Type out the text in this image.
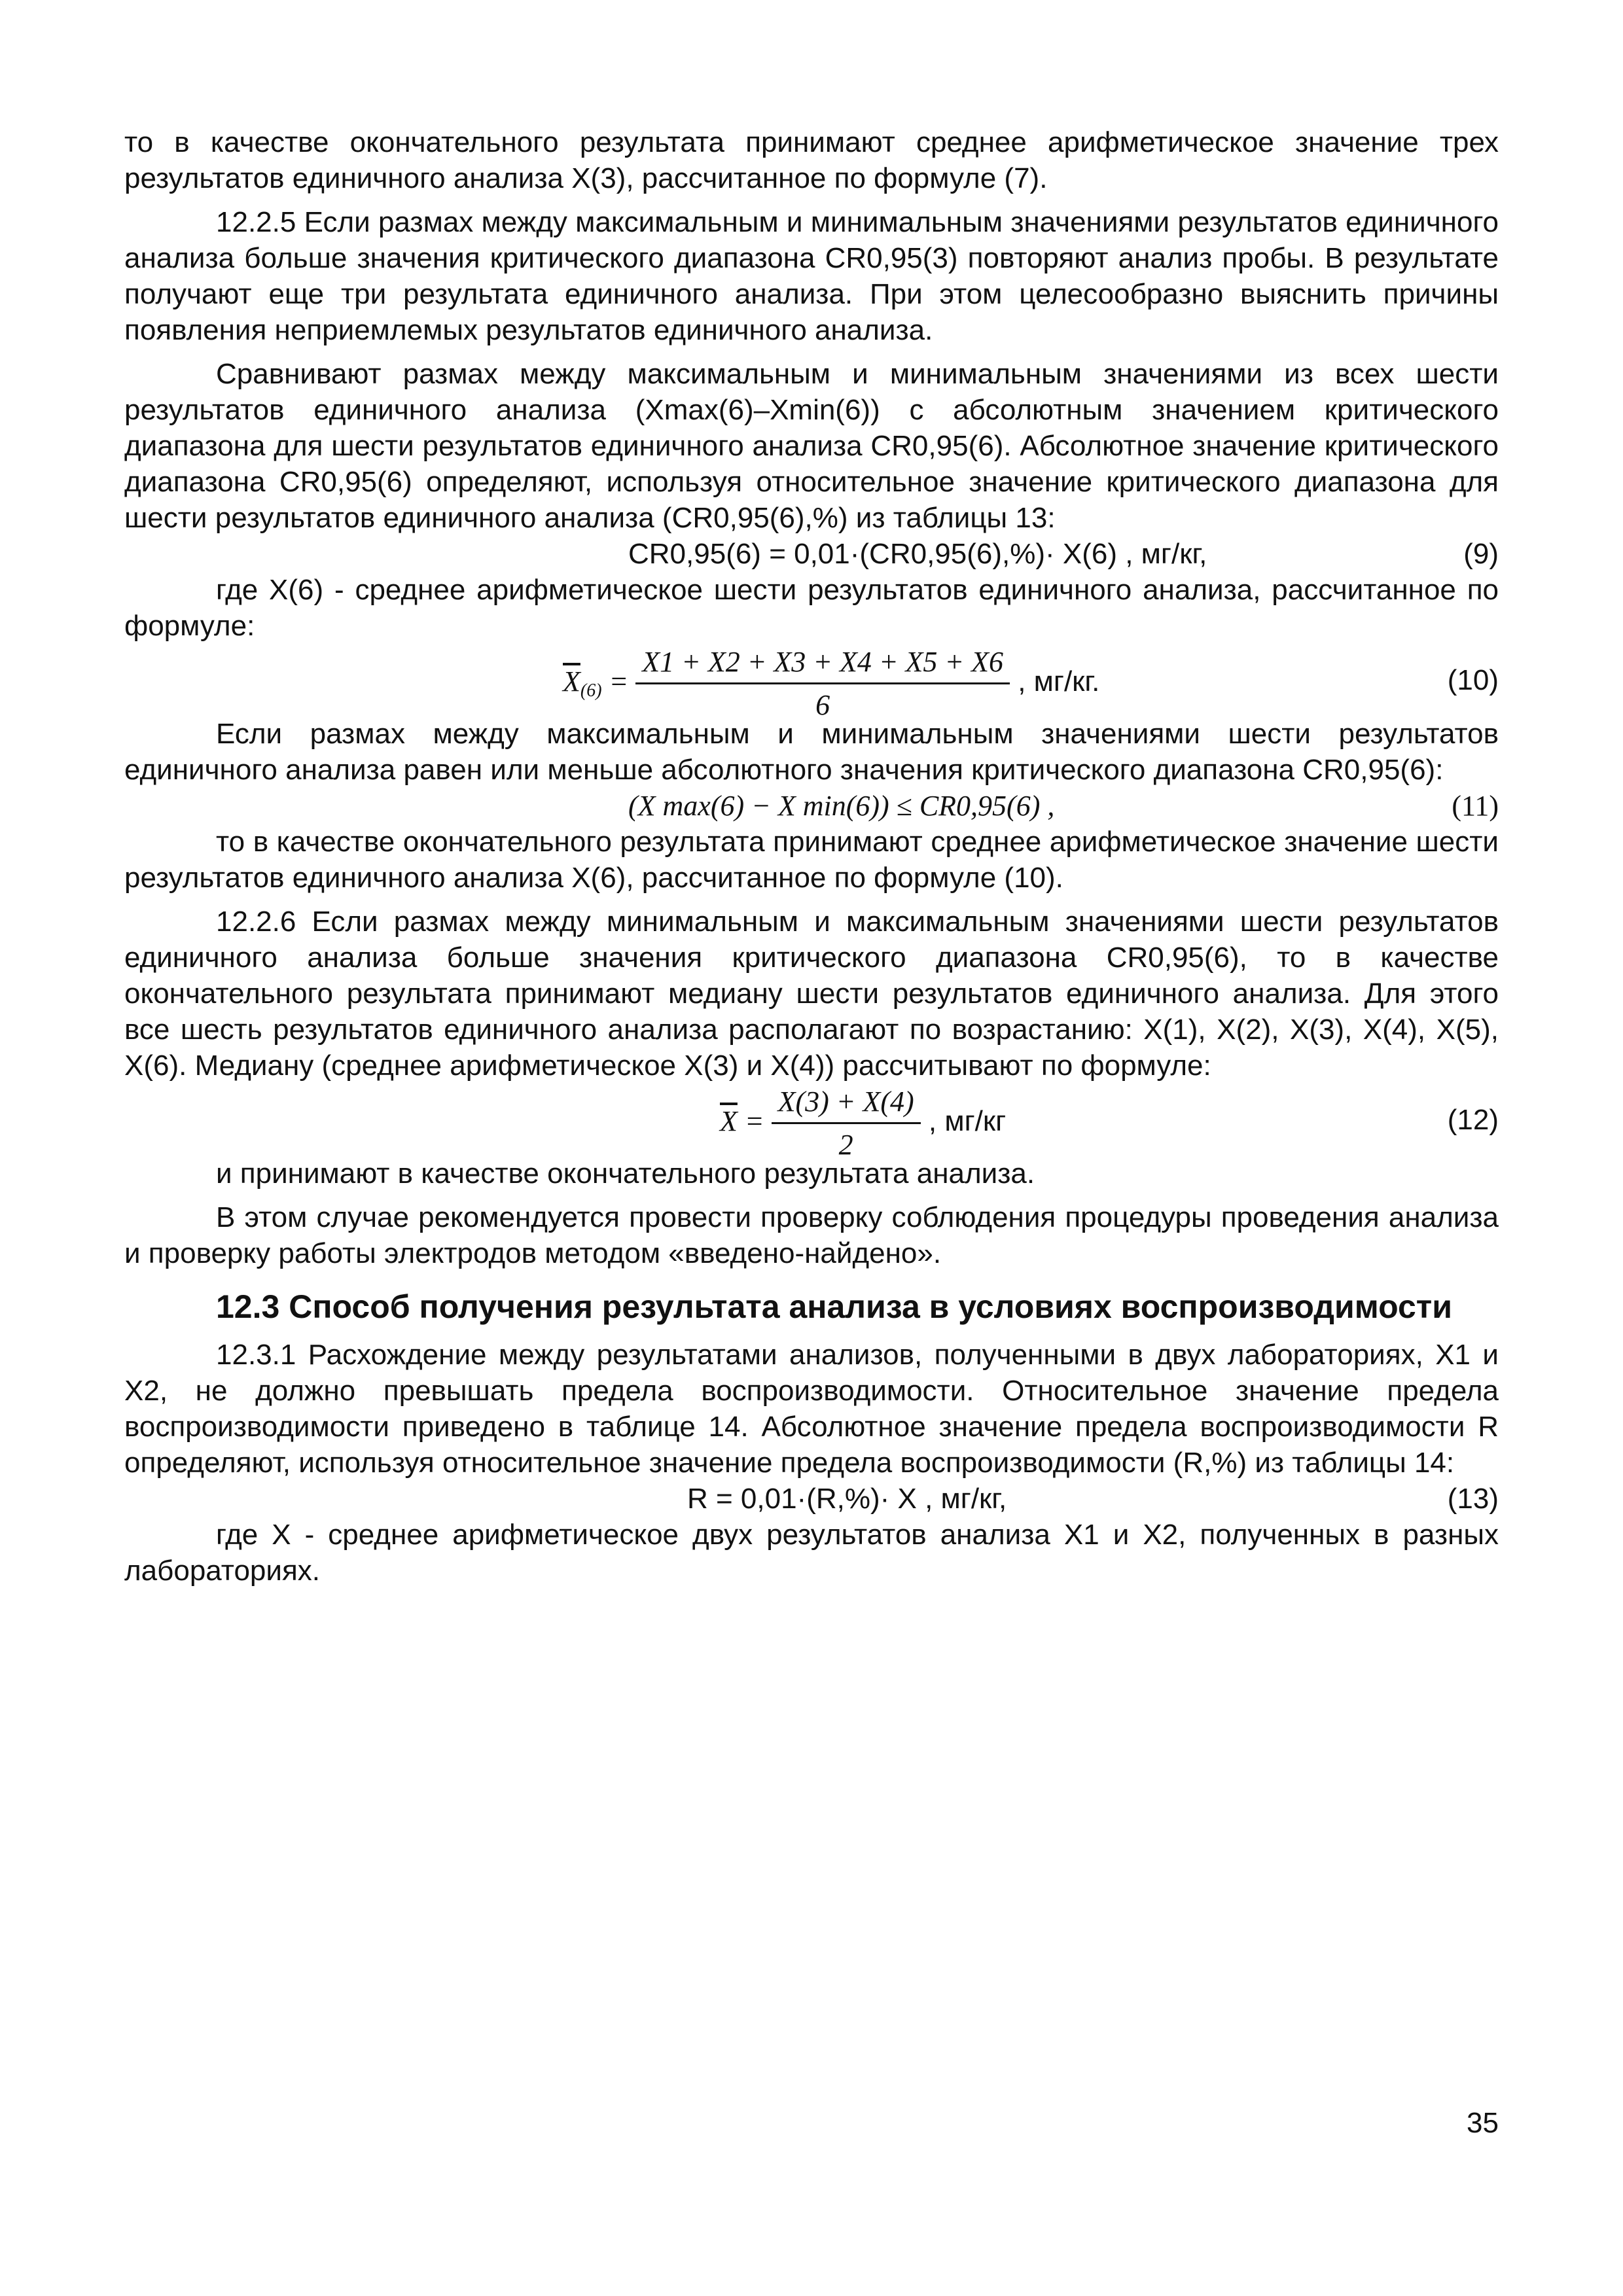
то в качестве окончательного результата принимают среднее арифметическое значение трех результатов единичного анализа X(3), рассчитанное по формуле (7).

12.2.5 Если размах между максимальным и минимальным значениями результатов единичного анализа больше значения критического диапазона CR0,95(3) повторяют анализ пробы. В результате получают еще три результата единичного анализа. При этом целесообразно выяснить причины появления неприемлемых результатов единичного анализа.

Сравнивают размах между максимальным и минимальным значениями из всех шести результатов единичного анализа (Xmax(6)–Xmin(6)) с абсолютным значением критического диапазона для шести результатов единичного анализа CR0,95(6). Абсолютное значение критического диапазона CR0,95(6) определяют, используя относительное значение критического диапазона для шести результатов единичного анализа (CR0,95(6),%) из таблицы 13:

CR0,95(6) = 0,01·(CR0,95(6),%)· X(6) , мг/кг,	(9)

где X(6) - среднее арифметическое шести результатов единичного анализа, рассчитанное по формуле:

$\overline{X}_{(6)} = \frac{X1 + X2 + X3 + X4 + X5 + X6}{6}$ , мг/кг.	(10)

Если размах между максимальным и минимальным значениями шести результатов единичного анализа равен или меньше абсолютного значения критического диапазона CR0,95(6):

(X max(6) − X min(6)) ≤ CR0,95(6) ,	(11)

то в качестве окончательного результата принимают среднее арифметическое значение шести результатов единичного анализа X(6), рассчитанное по формуле (10).

12.2.6 Если размах между минимальным и максимальным значениями шести результатов единичного анализа больше значения критического диапазона CR0,95(6), то в качестве окончательного результата принимают медиану шести результатов единичного анализа. Для этого все шесть результатов единичного анализа располагают по возрастанию: X(1), X(2), X(3), X(4), X(5), X(6). Медиану (среднее арифметическое X(3) и X(4)) рассчитывают по формуле:

$\overline{X} = \frac{X(3) + X(4)}{2}$ , мг/кг	(12)

и принимают в качестве окончательного результата анализа.

В этом случае рекомендуется провести проверку соблюдения процедуры проведения анализа и проверку работы электродов методом «введено-найдено».

12.3 Способ получения результата анализа в условиях воспроизводимости

12.3.1 Расхождение между результатами анализов, полученными в двух лабораториях, X1 и X2, не должно превышать предела воспроизводимости. Относительное значение предела воспроизводимости приведено в таблице 14. Абсолютное значение предела воспроизводимости R определяют, используя относительное значение предела воспроизводимости (R,%) из таблицы 14:

R = 0,01·(R,%)· X , мг/кг,	(13)

где X - среднее арифметическое двух результатов анализа X1 и X2, полученных в разных лабораториях.

35
